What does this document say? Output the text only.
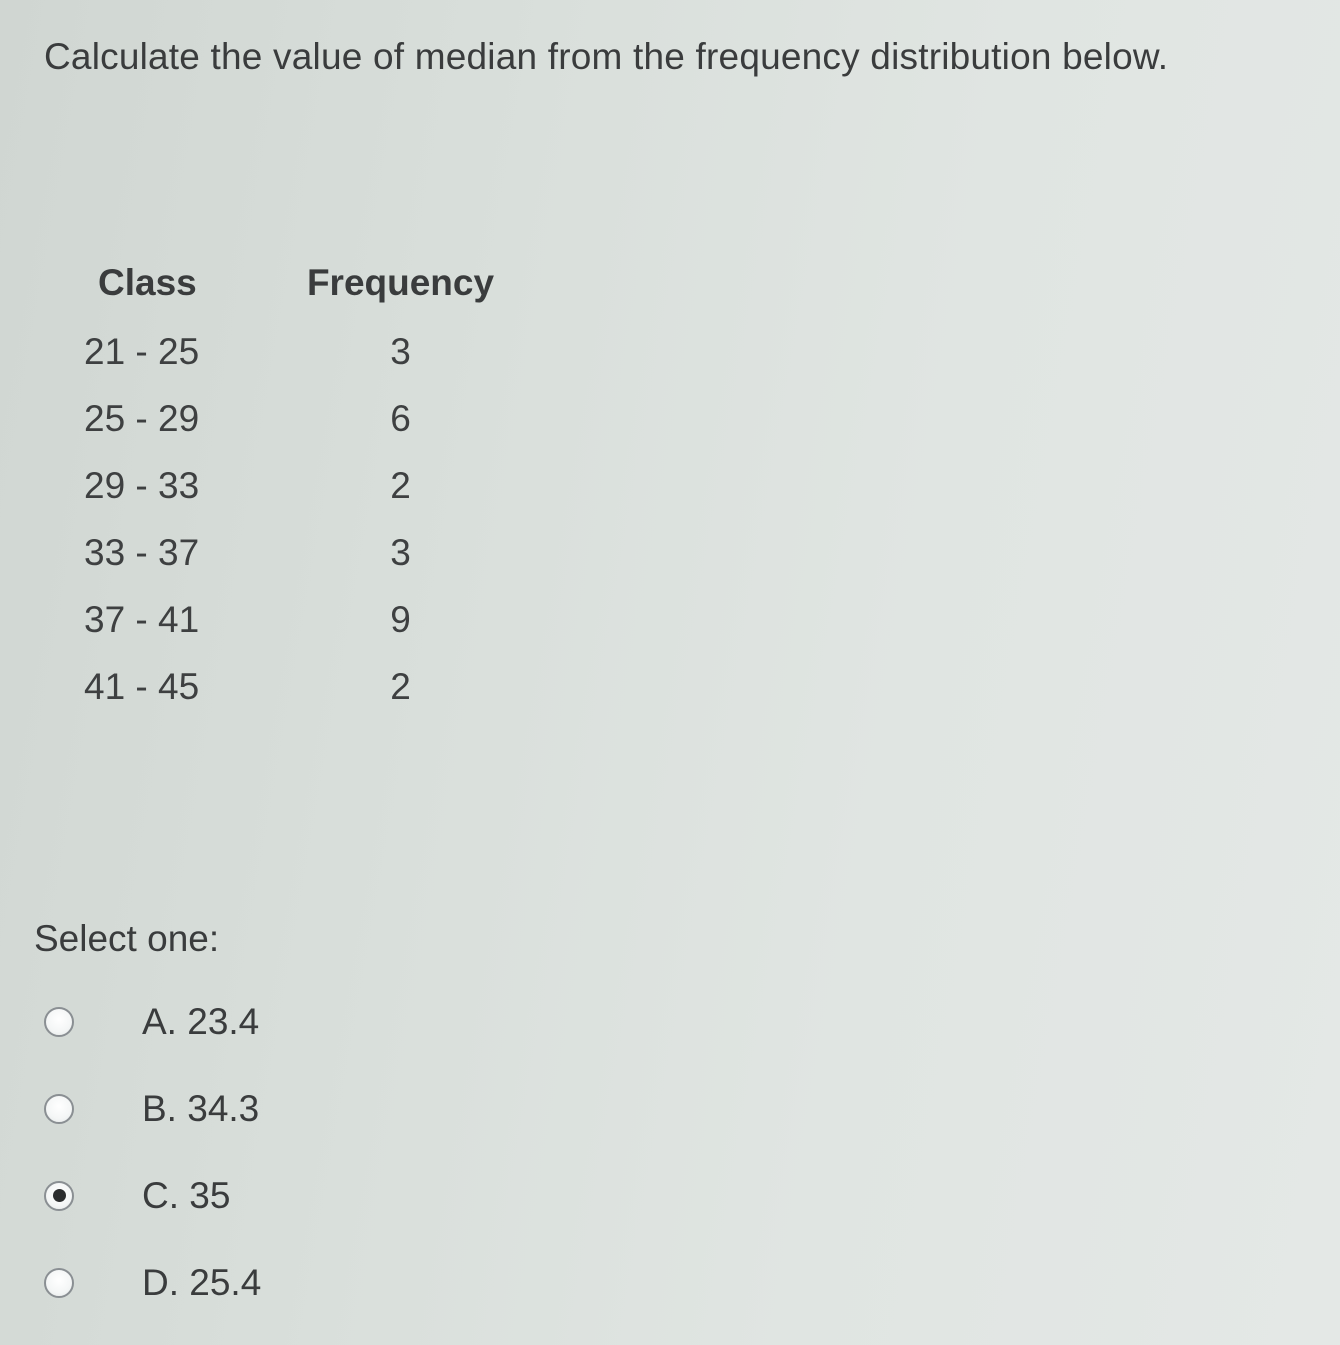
Calculate the value of median from the frequency distribution below.
Class	Frequency
21 - 25	3
25 - 29	6
29 - 33	2
33 - 37	3
37 - 41	9
41 - 45	2
Select one:
A. 23.4
B. 34.3
C. 35
D. 25.4
